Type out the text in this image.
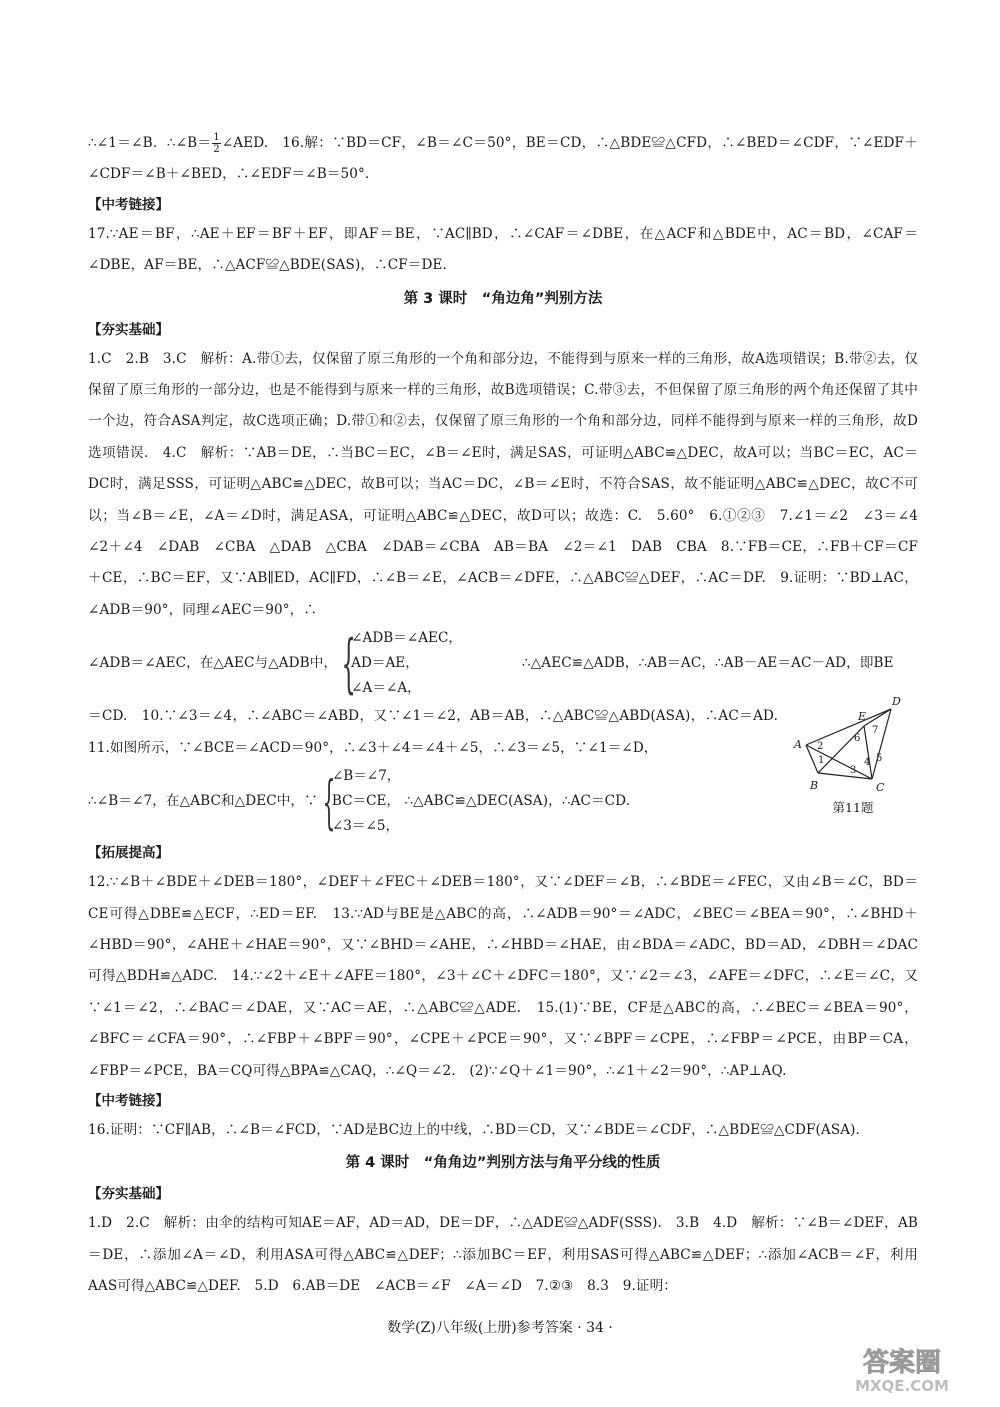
∴∠1＝∠B．∴∠B＝ $\frac{1}{2}$ ∠AED.　16.解：∵BD＝CF，∠B＝∠C＝50°，BE＝CD，∴△BDE≌△CFD，∴∠BED＝∠CDF，∵∠EDF＋∠CDF＝∠B＋∠BED，∴∠EDF＝∠B＝50°.

【中考链接】

17.∵AE＝BF，∴AE＋EF＝BF＋EF，即AF＝BE，∵AC∥BD，∴∠CAF＝∠DBE，在△ACF和△BDE中，AC＝BD，∠CAF＝∠DBE，AF＝BE，∴△ACF≌△BDE(SAS)，∴CF＝DE.

第 3 课时　“角边角”判别方法

【夯实基础】

1.C　2.B　3.C　解析：A.带①去，仅保留了原三角形的一个角和部分边，不能得到与原来一样的三角形，故A选项错误；B.带②去，仅保留了原三角形的一部分边，也是不能得到与原来一样的三角形，故B选项错误；C.带③去，不但保留了原三角形的两个角还保留了其中一个边，符合ASA判定，故C选项正确；D.带①和②去，仅保留了原三角形的一个角和部分边，同样不能得到与原来一样的三角形，故D选项错误.　4.C　解析：∵AB＝DE，∴当BC＝EC，∠B＝∠E时，满足SAS，可证明△ABC≌△DEC，故A可以；当BC＝EC，AC＝DC时，满足SSS，可证明△ABC≌△DEC，故B可以；当AC＝DC，∠B＝∠E时，不符合SAS，故不能证明△ABC≌△DEC，故C不可以；当∠B＝∠E，∠A＝∠D时，满足ASA，可证明△ABC≌△DEC，故D可以；故选：C.　5.60°　6.①②③　7.∠1＝∠2　∠3＝∠4　∠2＋∠4　∠DAB　∠CBA　△DAB　△CBA　∠DAB＝∠CBA　AB＝BA　∠2＝∠1　DAB　CBA　8.∵FB＝CE，∴FB＋CF＝CF＋CE，∴BC＝EF，又∵AB∥ED，AC∥FD，∴∠B＝∠E，∠ACB＝∠DFE，∴△ABC≌△DEF，∴AC＝DF.　9.证明：∵BD⊥AC，∠ADB＝90°，同理∠AEC＝90°，∴

∠ADB＝∠AEC，在△AEC与△ADB中， {
∠ADB＝∠AEC，
AD＝AE，
∠A＝∠A，
∴△AEC≌△ADB，∴AB＝AC，∴AB－AE＝AC－AD，即BE

＝CD.　10.∵∠3＝∠4，∴∠ABC＝∠ABD，又∵∠1＝∠2，AB＝AB，∴△ABC≌△ABD(ASA)，∴AC＝AD.　11.如图所示，∵∠BCE＝∠ACD＝90°，∴∠3＋∠4＝∠4＋∠5，∴∠3＝∠5，∵∠1＝∠D，

∴∠B＝∠7，在△ABC和△DEC中，∵ {
∠B＝∠7，
BC＝CE，
∠3＝∠5，
∴△ABC≌△DEC(ASA)，∴AC＝CD.
E
D
A 2
1
6
7
5
3
4
B	C
第11题

【拓展提高】

12.∵∠B＋∠BDE＋∠DEB＝180°，∠DEF＋∠FEC＋∠DEB＝180°，又∵∠DEF＝∠B，∴∠BDE＝∠FEC，又由∠B＝∠C，BD＝CE可得△DBE≌△ECF，∴ED＝EF.　13.∵AD与BE是△ABC的高，∴∠ADB＝90°＝∠ADC，∠BEC＝∠BEA＝90°，∴∠BHD＋∠HBD＝90°，∠AHE＋∠HAE＝90°，又∵∠BHD＝∠AHE，∴∠HBD＝∠HAE，由∠BDA＝∠ADC，BD＝AD，∠DBH＝∠DAC可得△BDH≌△ADC.　14.∵∠2＋∠E＋∠AFE＝180°，∠3＋∠C＋∠DFC＝180°，又∵∠2＝∠3，∠AFE＝∠DFC，∴∠E＝∠C，又∵∠1＝∠2，∴∠BAC＝∠DAE，又∵AC＝AE，∴△ABC≌△ADE.　15.(1)∵BE，CF是△ABC的高，∴∠BEC＝∠BEA＝90°，∠BFC＝∠CFA＝90°，∴∠FBP＋∠BPF＝90°，∠CPE＋∠PCE＝90°，又∵∠BPF＝∠CPE，∴∠FBP＝∠PCE，由BP＝CA，∠FBP＝∠PCE，BA＝CQ可得△BPA≌△CAQ，∴∠Q＝∠2.　(2)∵∠Q＋∠1＝90°，∴∠1＋∠2＝90°，∴AP⊥AQ.

【中考链接】

16.证明：∵CF∥AB，∴∠B＝∠FCD，∵AD是BC边上的中线，∴BD＝CD，又∵∠BDE＝∠CDF，∴△BDE≌△CDF(ASA).

第 4 课时　“角角边”判别方法与角平分线的性质

【夯实基础】

1.D　2.C　解析：由伞的结构可知AE＝AF，AD＝AD，DE＝DF，∴△ADE≌△ADF(SSS).　3.B　4.D　解析：∵∠B＝∠DEF，AB＝DE，∴添加∠A＝∠D，利用ASA可得△ABC≌△DEF；∴添加BC＝EF，利用SAS可得△ABC≌△DEF；∴添加∠ACB＝∠F，利用AAS可得△ABC≌△DEF.　5.D　6.AB＝DE　∠ACB＝∠F　∠A＝∠D　7.②③　8.3　9.证明：

数学(Z)八年级(上册)参考答案 · 34 ·
答案圈
MXQE.COM
